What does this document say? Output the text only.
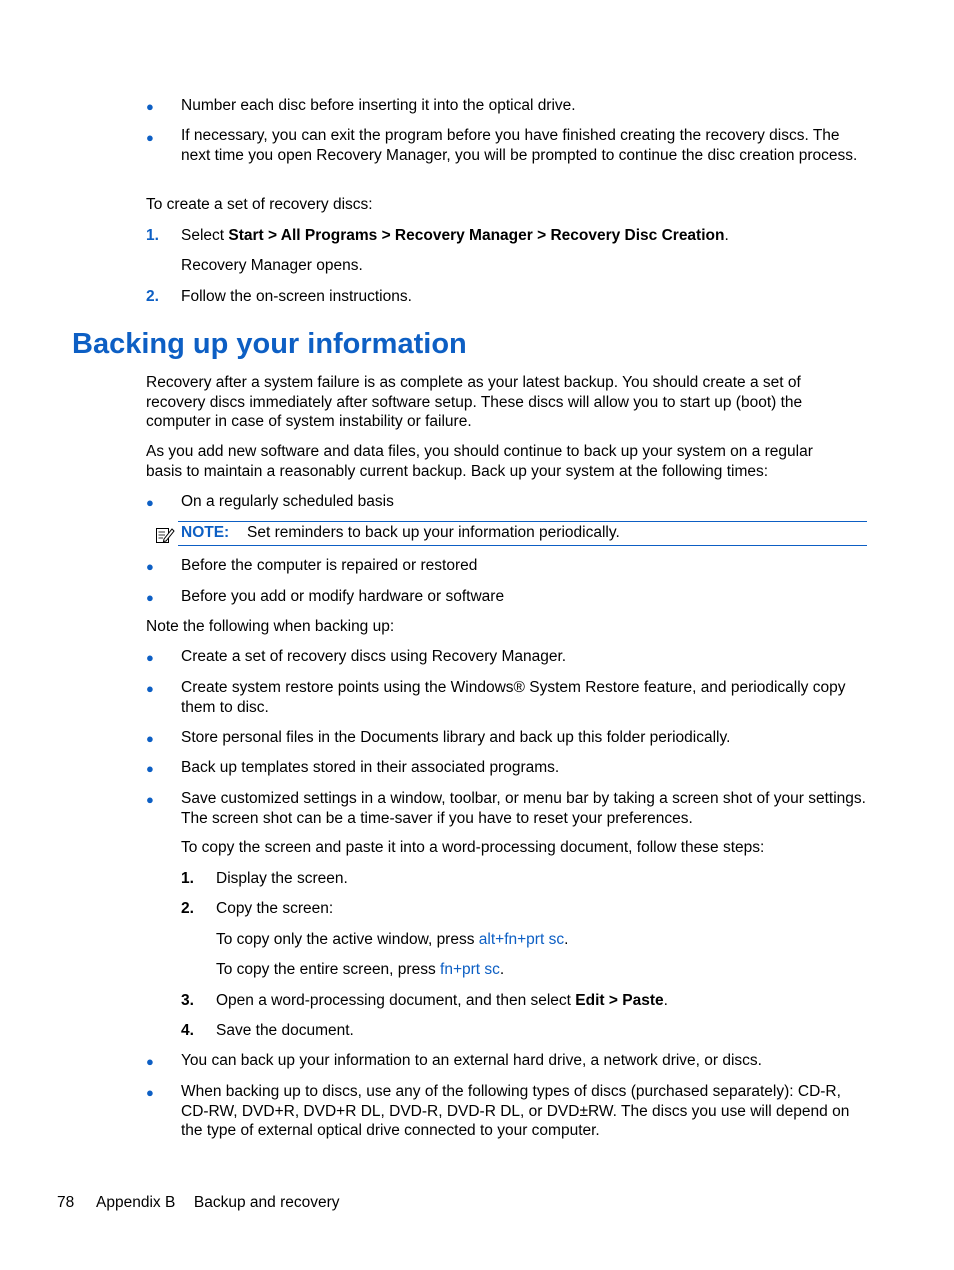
● Number each disc before inserting it into the optical drive.
● If necessary, you can exit the program before you have finished creating the recovery discs. The next time you open Recovery Manager, you will be prompted to continue the disc creation process.
To create a set of recovery discs:
1. Select Start > All Programs > Recovery Manager > Recovery Disc Creation.
Recovery Manager opens.
2. Follow the on-screen instructions.
Backing up your information
Recovery after a system failure is as complete as your latest backup. You should create a set of recovery discs immediately after software setup. These discs will allow you to start up (boot) the computer in case of system instability or failure.
As you add new software and data files, you should continue to back up your system on a regular basis to maintain a reasonably current backup. Back up your system at the following times:
● On a regularly scheduled basis
NOTE: Set reminders to back up your information periodically.
● Before the computer is repaired or restored
● Before you add or modify hardware or software
Note the following when backing up:
● Create a set of recovery discs using Recovery Manager.
● Create system restore points using the Windows® System Restore feature, and periodically copy them to disc.
● Store personal files in the Documents library and back up this folder periodically.
● Back up templates stored in their associated programs.
● Save customized settings in a window, toolbar, or menu bar by taking a screen shot of your settings. The screen shot can be a time-saver if you have to reset your preferences.
To copy the screen and paste it into a word-processing document, follow these steps:
1. Display the screen.
2. Copy the screen:
To copy only the active window, press alt+fn+prt sc.
To copy the entire screen, press fn+prt sc.
3. Open a word-processing document, and then select Edit > Paste.
4. Save the document.
● You can back up your information to an external hard drive, a network drive, or discs.
● When backing up to discs, use any of the following types of discs (purchased separately): CD-R, CD-RW, DVD+R, DVD+R DL, DVD-R, DVD-R DL, or DVD±RW. The discs you use will depend on the type of external optical drive connected to your computer.
78 Appendix B Backup and recovery
